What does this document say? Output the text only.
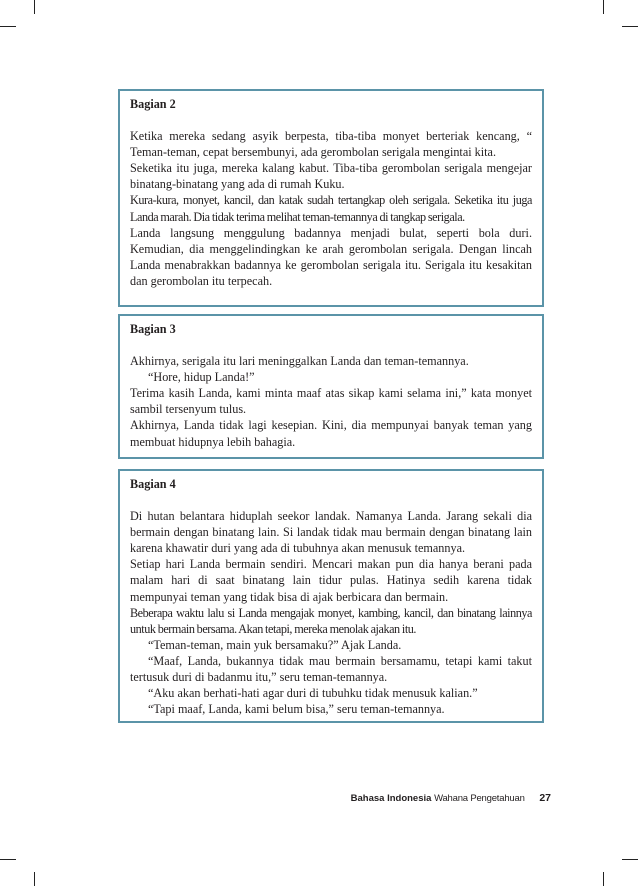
Bagian 2

Ketika mereka sedang asyik berpesta, tiba-tiba monyet berteriak kencang, “ Teman-teman, cepat bersembunyi, ada gerombolan serigala mengintai kita.

Seketika itu juga, mereka kalang kabut. Tiba-tiba gerombolan serigala mengejar binatang-binatang yang ada di rumah Kuku.

Kura-kura, monyet, kancil, dan katak sudah tertangkap oleh serigala. Seketika itu juga Landa marah. Dia tidak terima melihat teman-temannya di tangkap serigala.

Landa langsung menggulung badannya menjadi bulat, seperti bola duri. Kemudian, dia menggelindingkan ke arah gerombolan serigala. Dengan lincah Landa menabrakkan badannya ke gerombolan serigala itu. Serigala itu kesakitan dan gerombolan itu terpecah.

Bagian 3

Akhirnya, serigala itu lari meninggalkan Landa dan teman-temannya.

“Hore, hidup Landa!”

Terima kasih Landa, kami minta maaf atas sikap kami selama ini,” kata monyet sambil tersenyum tulus.

Akhirnya, Landa tidak lagi kesepian. Kini, dia mempunyai banyak teman yang membuat hidupnya lebih bahagia.

Bagian 4

Di hutan belantara hiduplah seekor landak. Namanya Landa. Jarang sekali dia bermain dengan binatang lain. Si landak tidak mau bermain dengan binatang lain karena khawatir duri yang ada di tubuhnya akan menusuk temannya.

Setiap hari Landa bermain sendiri. Mencari makan pun dia hanya berani pada malam hari di saat binatang lain tidur pulas. Hatinya sedih karena tidak mempunyai teman yang tidak bisa di ajak berbicara dan bermain.

Beberapa waktu lalu si Landa mengajak monyet, kambing, kancil, dan binatang lainnya untuk bermain bersama. Akan tetapi, mereka menolak ajakan itu.

“Teman-teman, main yuk bersamaku?” Ajak Landa.

“Maaf, Landa, bukannya tidak mau bermain bersamamu, tetapi kami takut tertusuk duri di badanmu itu,” seru teman-temannya.

“Aku akan berhati-hati agar duri di tubuhku tidak menusuk kalian.”

“Tapi maaf, Landa, kami belum bisa,” seru teman-temannya.

Bahasa Indonesia Wahana Pengetahuan 27
